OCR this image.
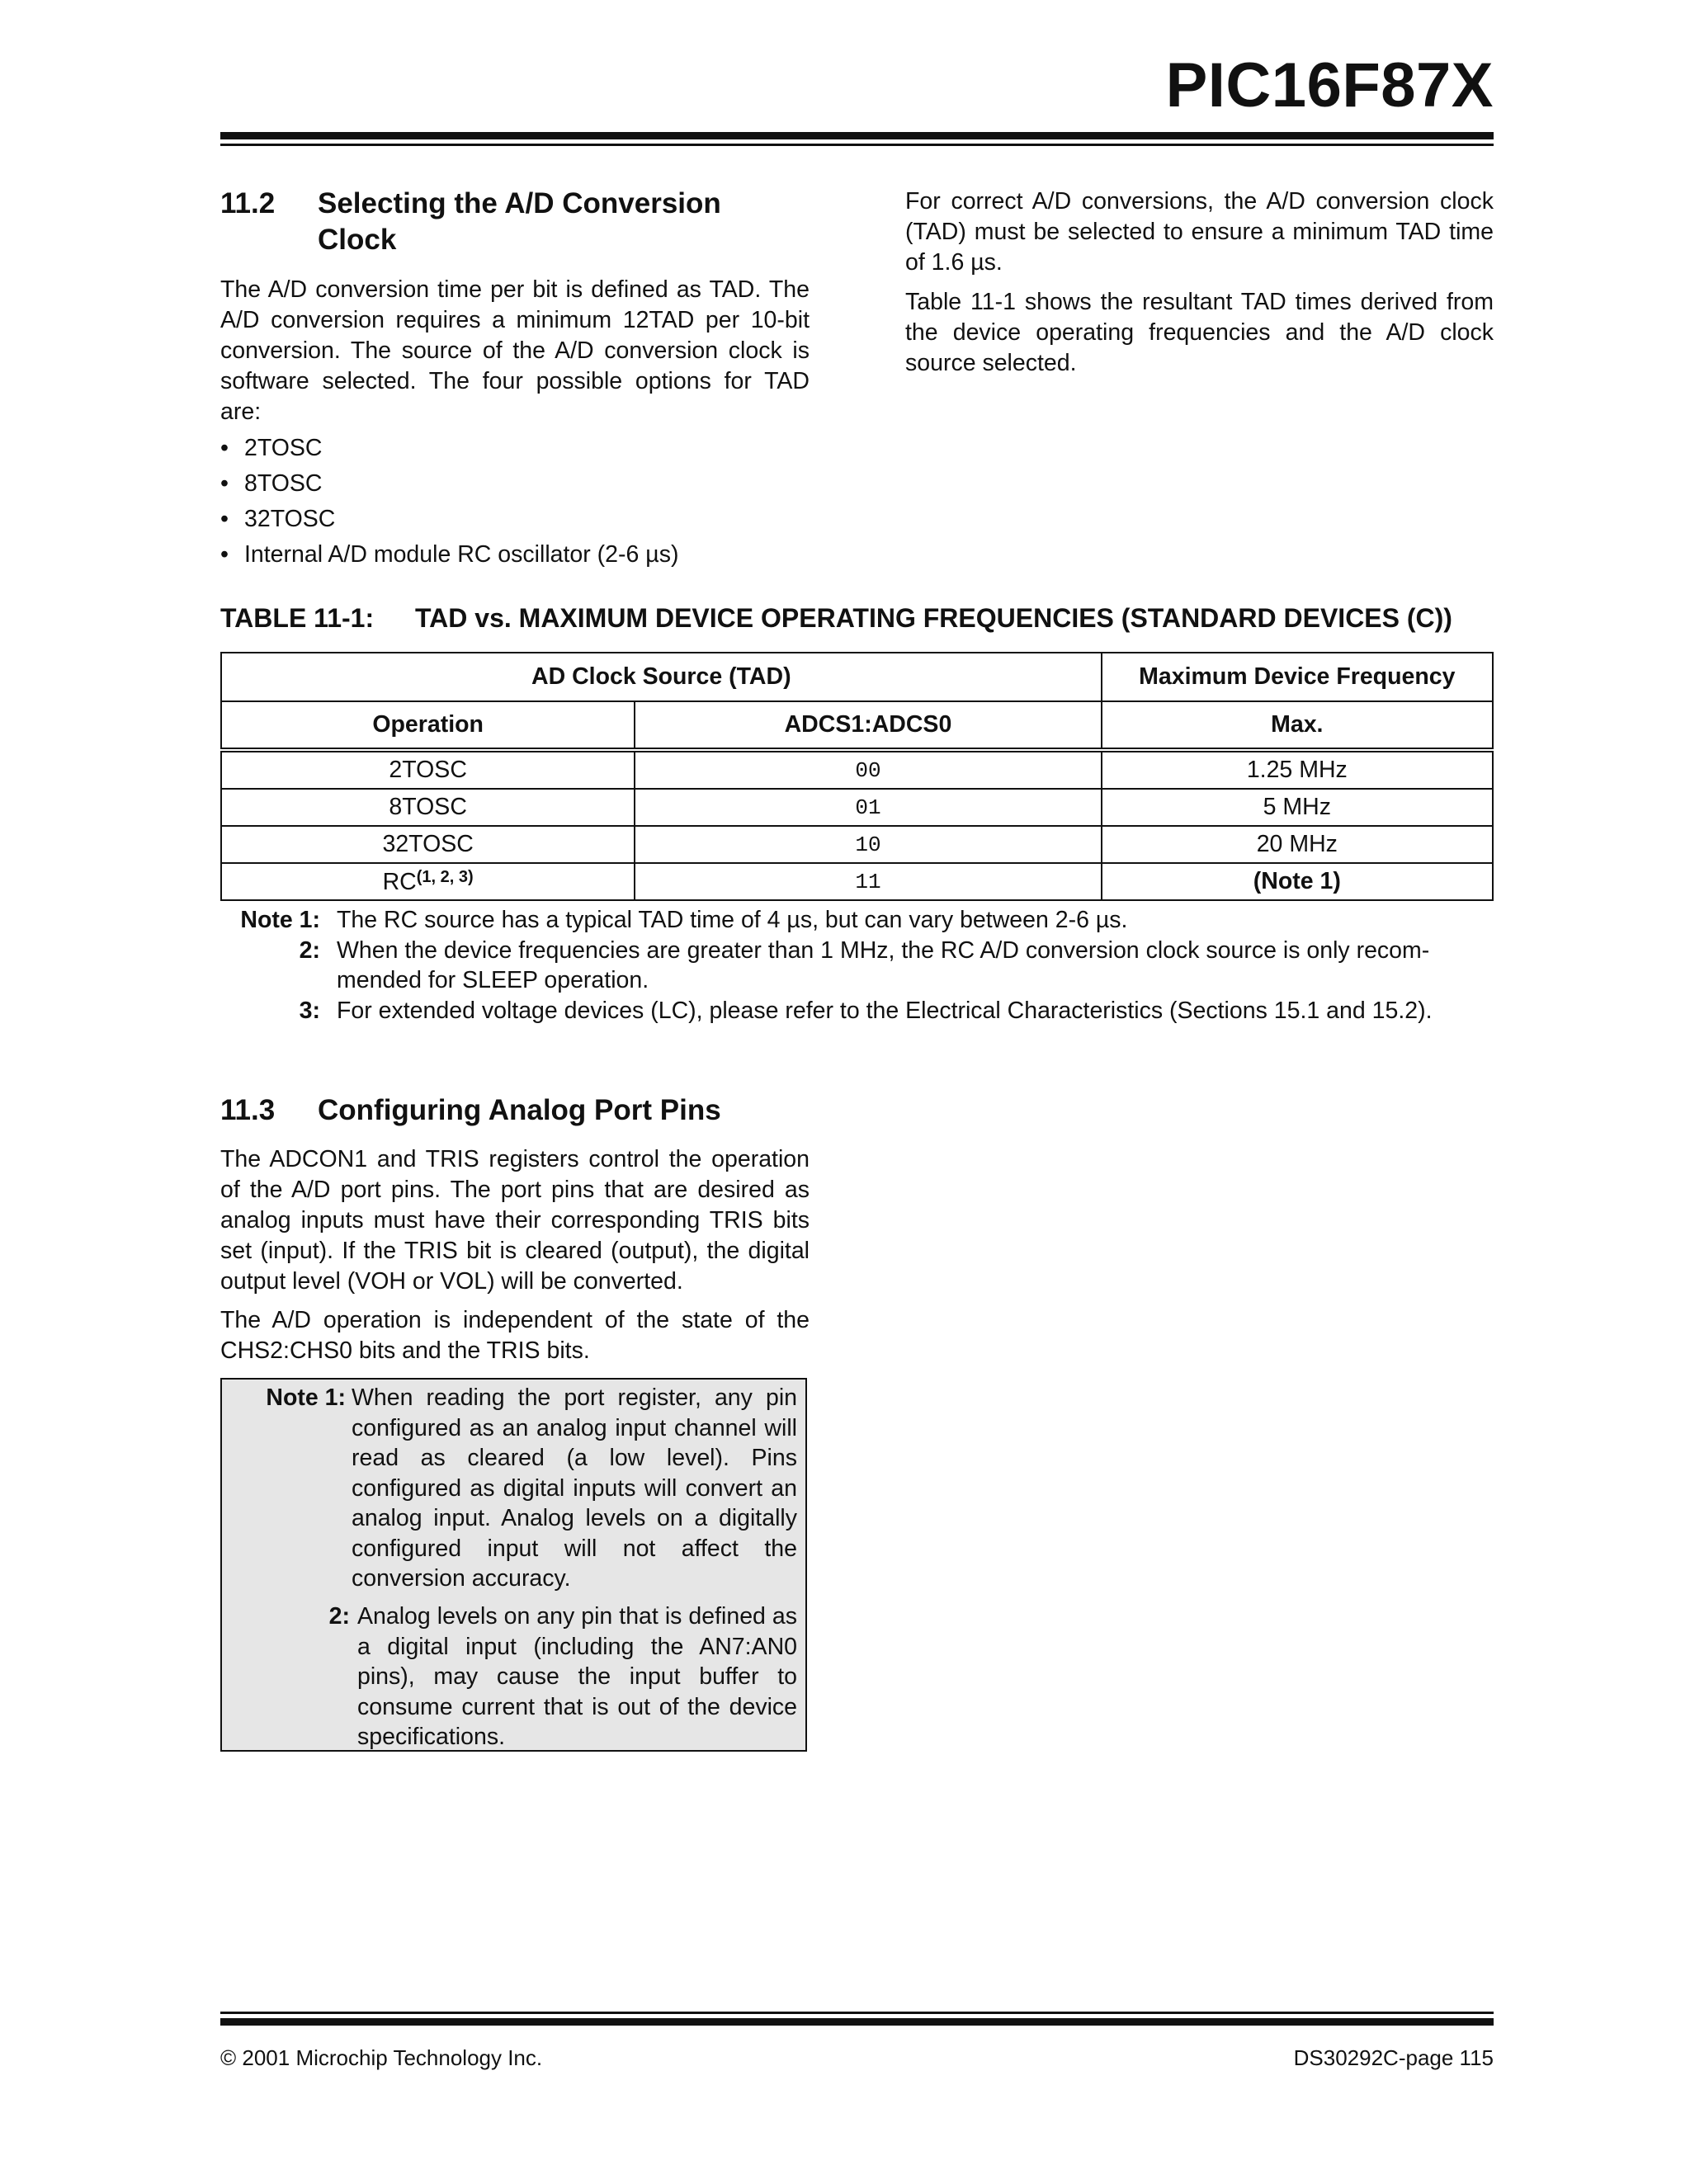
PIC16F87X
11.2 Selecting the A/D Conversion
Clock

The A/D conversion time per bit is defined as TAD. The A/D conversion requires a minimum 12TAD per 10-bit conversion. The source of the A/D conversion clock is software selected. The four possible options for TAD are:

• 2TOSC
• 8TOSC
• 32TOSC
• Internal A/D module RC oscillator (2-6 µs)

For correct A/D conversions, the A/D conversion clock (TAD) must be selected to ensure a minimum TAD time of 1.6 µs.

Table 11-1 shows the resultant TAD times derived from the device operating frequencies and the A/D clock source selected.

TABLE 11-1: TAD vs. MAXIMUM DEVICE OPERATING FREQUENCIES (STANDARD DEVICES (C))
AD Clock Source (TAD)		Maximum Device Frequency
Operation	ADCS1:ADCS0	Max.
2TOSC	00	1.25 MHz
8TOSC	01	5 MHz
32TOSC	10	20 MHz
RC$^{(1, 2, 3)}$	11	(Note 1)
Note 1: The RC source has a typical TAD time of 4 µs, but can vary between 2-6 µs.
2: When the device frequencies are greater than 1 MHz, the RC A/D conversion clock source is only recom-
mended for SLEEP operation.
3: For extended voltage devices (LC), please refer to the Electrical Characteristics (Sections 15.1 and 15.2).
11.3 Configuring Analog Port Pins

The ADCON1 and TRIS registers control the operation of the A/D port pins. The port pins that are desired as analog inputs must have their corresponding TRIS bits set (input). If the TRIS bit is cleared (output), the digital output level (VOH or VOL) will be converted.

The A/D operation is independent of the state of the CHS2:CHS0 bits and the TRIS bits.

Note 1: When reading the port register, any pin configured as an analog input channel will read as cleared (a low level). Pins configured as digital inputs will convert an analog input. Analog levels on a digitally configured input will not affect the conversion accuracy.
2: Analog levels on any pin that is defined as a digital input (including the AN7:AN0 pins), may cause the input buffer to consume current that is out of the device specifications.
© 2001 Microchip Technology Inc.	DS30292C-page 115
